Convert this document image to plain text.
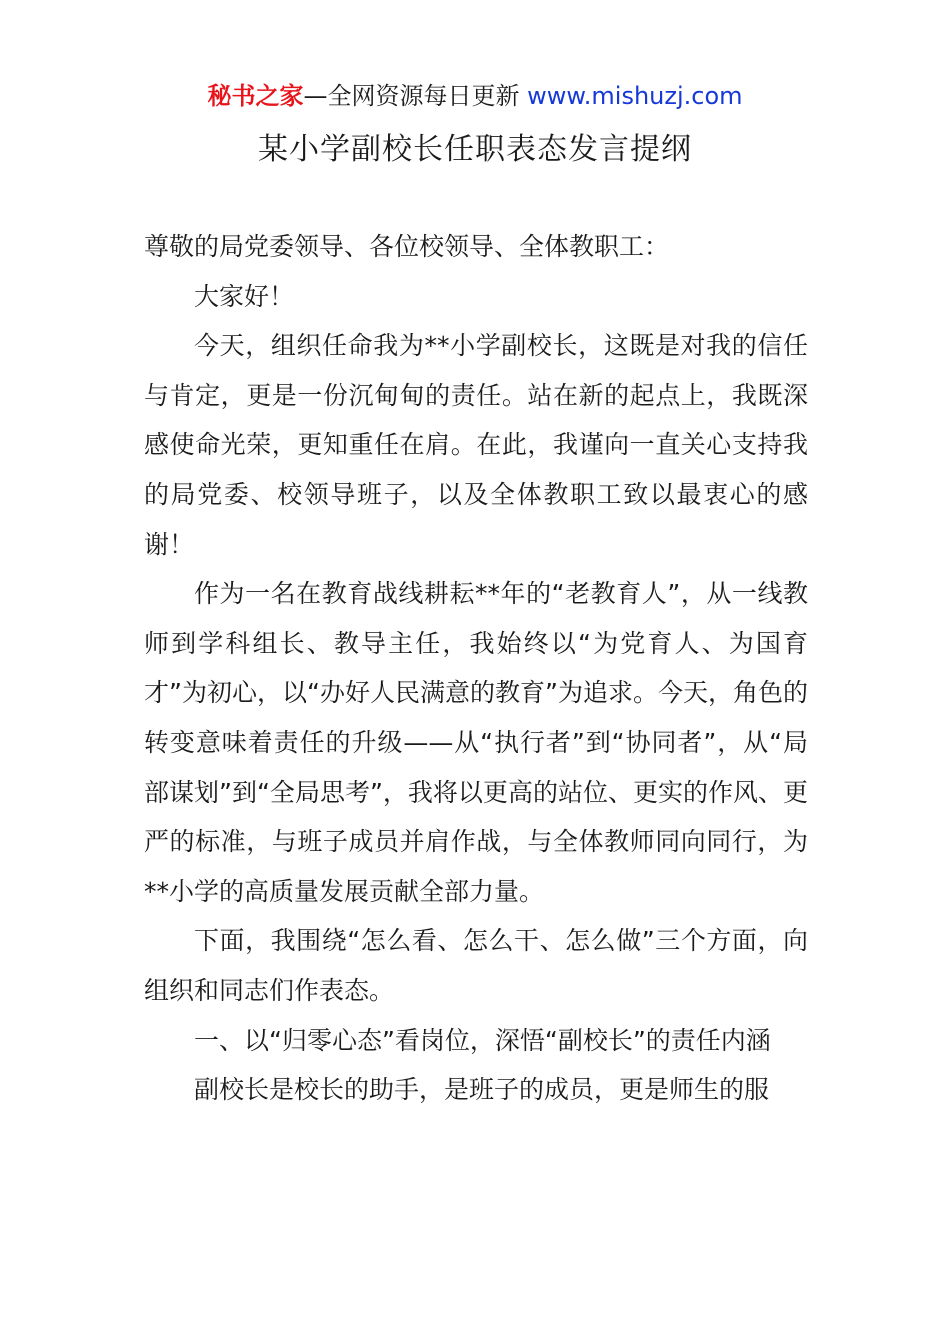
秘书之家—全网资源每日更新 www.mishuzj.com
某小学副校长任职表态发言提纲

尊敬的局党委领导、各位校领导、全体教职工：

大家好！

今天，组织任命我为**小学副校长，这既是对我的信任与肯定，更是一份沉甸甸的责任。站在新的起点上，我既深感使命光荣，更知重任在肩。在此，我谨向一直关心支持我的局党委、校领导班子，以及全体教职工致以最衷心的感谢！

作为一名在教育战线耕耘**年的“老教育人”，从一线教师到学科组长、教导主任，我始终以“为党育人、为国育才”为初心，以“办好人民满意的教育”为追求。今天，角色的转变意味着责任的升级——从“执行者”到“协同者”，从“局部谋划”到“全局思考”，我将以更高的站位、更实的作风、更严的标准，与班子成员并肩作战，与全体教师同向同行，为**小学的高质量发展贡献全部力量。

下面，我围绕“怎么看、怎么干、怎么做”三个方面，向组织和同志们作表态。

一、以“归零心态”看岗位，深悟“副校长”的责任内涵

副校长是校长的助手，是班子的成员，更是师生的服
